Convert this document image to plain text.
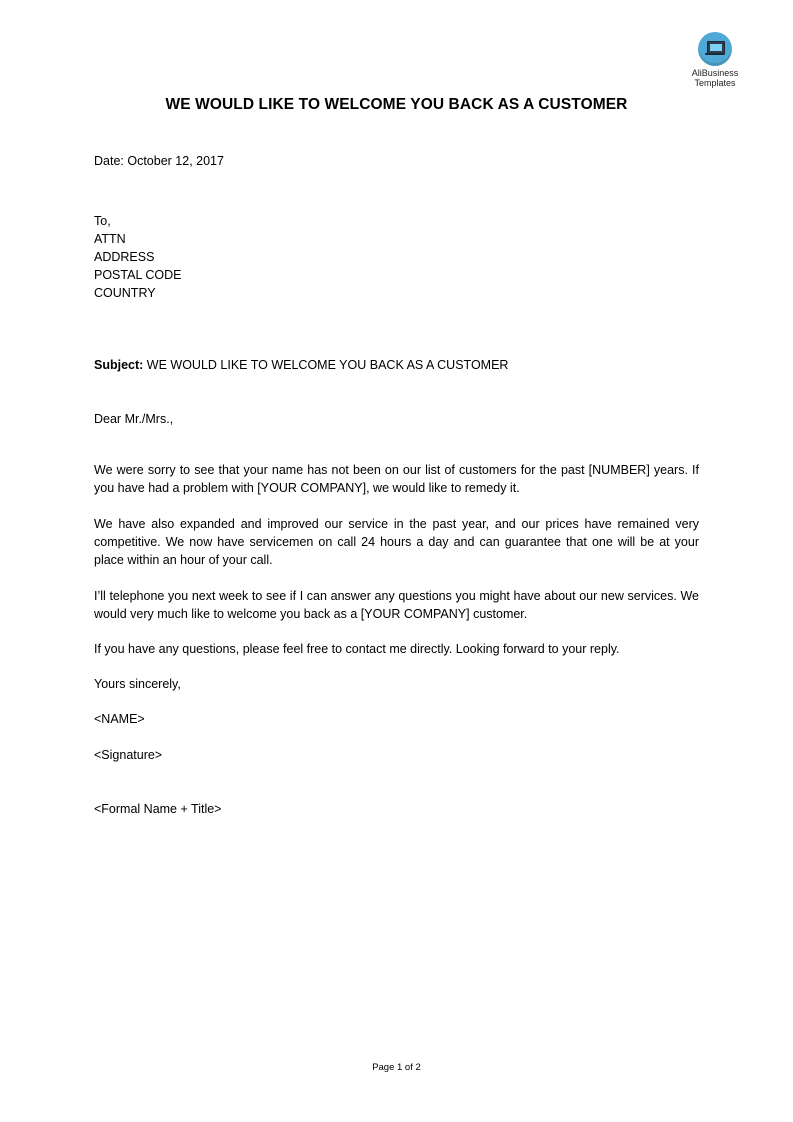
AliBusiness
Templates
WE WOULD LIKE TO WELCOME YOU BACK AS A CUSTOMER
Date: October 12, 2017
To,
ATTN
ADDRESS
POSTAL CODE
COUNTRY
Subject: WE WOULD LIKE TO WELCOME YOU BACK AS A CUSTOMER
Dear Mr./Mrs.,
We were sorry to see that your name has not been on our list of customers for the past [NUMBER] years. If you have had a problem with [YOUR COMPANY], we would like to remedy it.
We have also expanded and improved our service in the past year, and our prices have remained very competitive. We now have servicemen on call 24 hours a day and can guarantee that one will be at your place within an hour of your call.
I’ll telephone you next week to see if I can answer any questions you might have about our new services. We would very much like to welcome you back as a [YOUR COMPANY] customer.
If you have any questions, please feel free to contact me directly. Looking forward to your reply.
Yours sincerely,
<NAME>
<Signature>
<Formal Name + Title>
Page 1 of 2
